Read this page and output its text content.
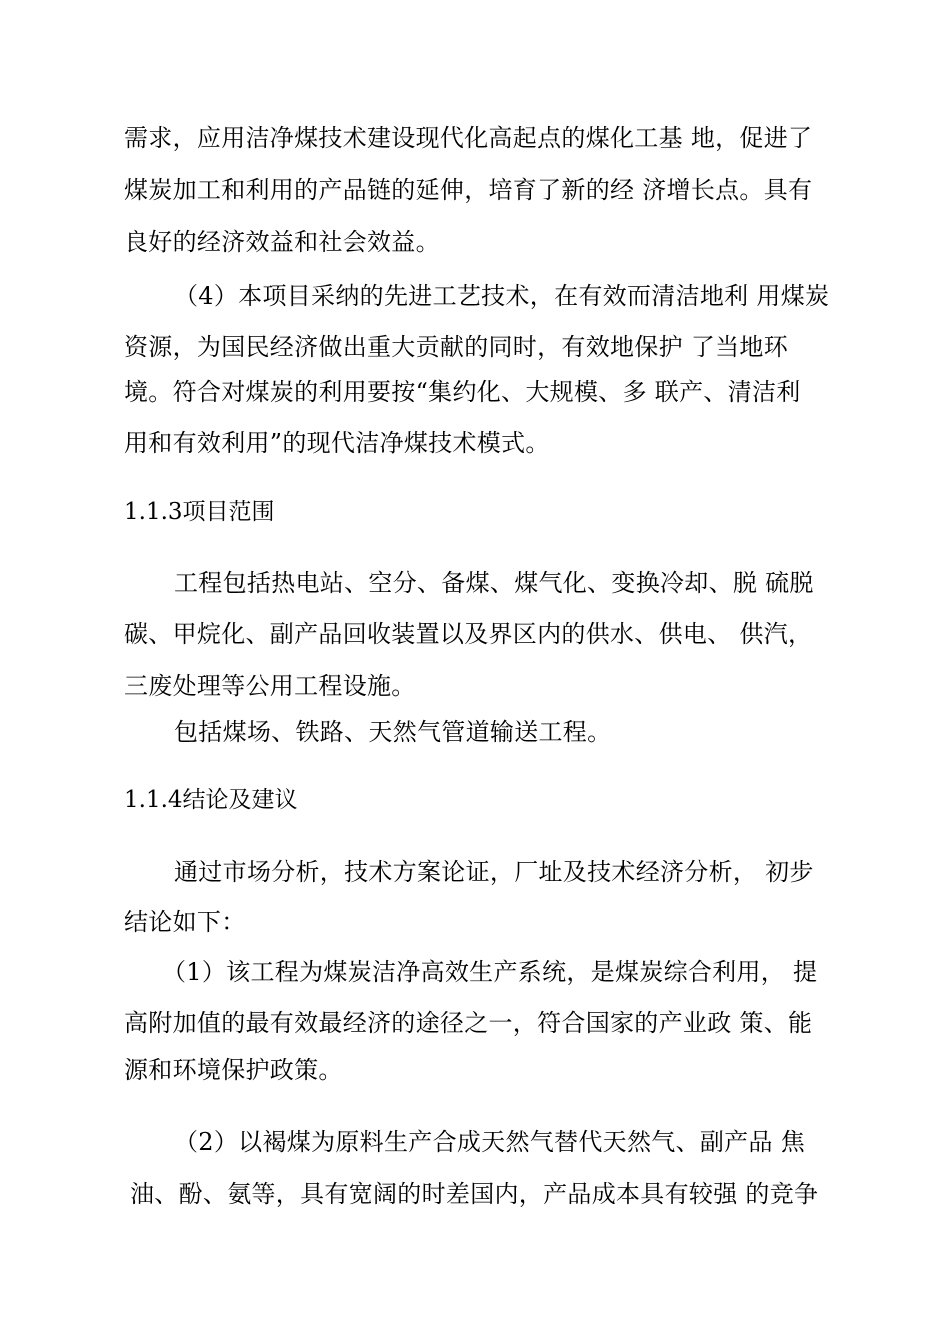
需求，应用洁净煤技术建设现代化高起点的煤化工基 地，促进了
煤炭加工和利用的产品链的延伸，培育了新的经 济增长点。具有
良好的经济效益和社会效益。
（4）本项目采纳的先进工艺技术，在有效而清洁地利 用煤炭
资源，为国民经济做出重大贡献的同时，有效地保护 了当地环
境。符合对煤炭的利用要按“集约化、大规模、多 联产、清洁利
用和有效利用”的现代洁净煤技术模式。
1.1.3项目范围
工程包括热电站、空分、备煤、煤气化、变换冷却、脱 硫脱
碳、甲烷化、副产品回收装置以及界区内的供水、供电、 供汽，
三废处理等公用工程设施。
包括煤场、铁路、天然气管道输送工程。
1.1.4结论及建议
通过市场分析，技术方案论证，厂址及技术经济分析， 初步
结论如下：
（1）该工程为煤炭洁净高效生产系统，是煤炭综合利用， 提
高附加值的最有效最经济的途径之一，符合国家的产业政 策、能
源和环境保护政策。
（2）以褐煤为原料生产合成天然气替代天然气、副产品 焦
油、酚、氨等，具有宽阔的时差国内，产品成本具有较强 的竞争
